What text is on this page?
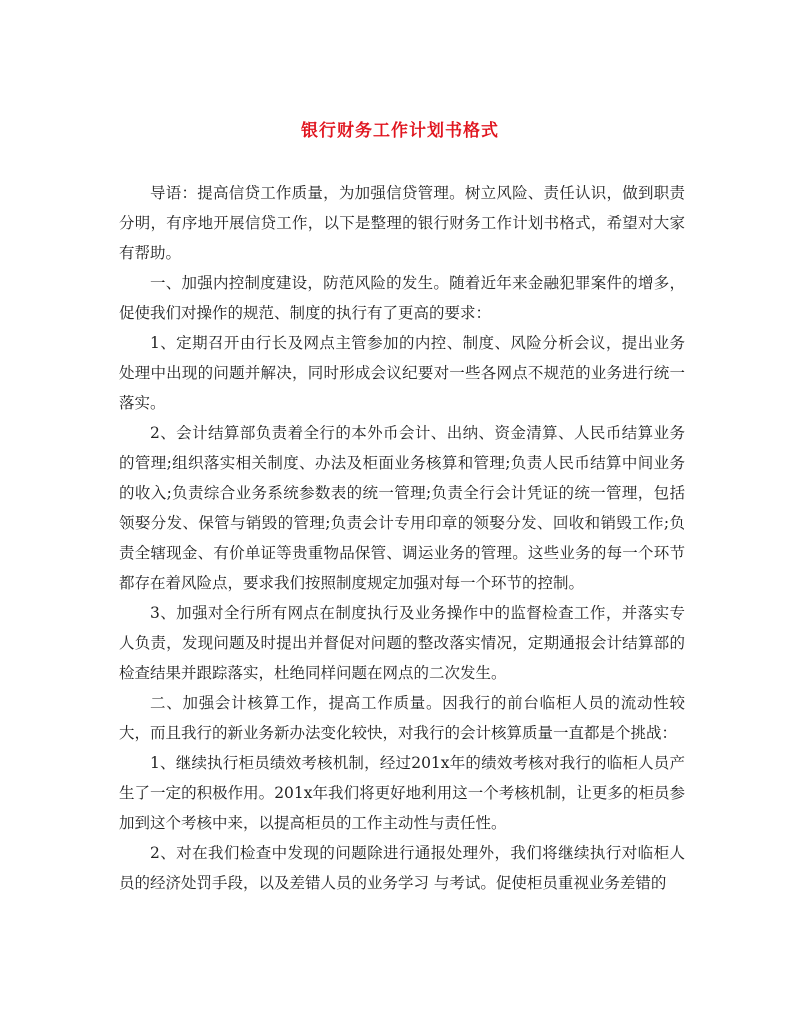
银行财务工作计划书格式

导语：提高信贷工作质量，为加强信贷管理。树立风险、责任认识，做到职责分明，有序地开展信贷工作，以下是整理的银行财务工作计划书格式，希望对大家有帮助。

一、加强内控制度建设，防范风险的发生。随着近年来金融犯罪案件的增多，促使我们对操作的规范、制度的执行有了更高的要求：

1、定期召开由行长及网点主管参加的内控、制度、风险分析会议，提出业务处理中出现的问题并解决，同时形成会议纪要对一些各网点不规范的业务进行统一落实。

2、会计结算部负责着全行的本外币会计、出纳、资金清算、人民币结算业务的管理;组织落实相关制度、办法及柜面业务核算和管理;负责人民币结算中间业务的收入;负责综合业务系统参数表的统一管理;负责全行会计凭证的统一管理，包括领娶分发、保管与销毁的管理;负责会计专用印章的领娶分发、回收和销毁工作;负责全辖现金、有价单证等贵重物品保管、调运业务的管理。这些业务的每一个环节都存在着风险点，要求我们按照制度规定加强对每一个环节的控制。

3、加强对全行所有网点在制度执行及业务操作中的监督检查工作，并落实专人负责，发现问题及时提出并督促对问题的整改落实情况，定期通报会计结算部的检查结果并跟踪落实，杜绝同样问题在网点的二次发生。

二、加强会计核算工作，提高工作质量。因我行的前台临柜人员的流动性较大，而且我行的新业务新办法变化较快，对我行的会计核算质量一直都是个挑战：

1、继续执行柜员绩效考核机制，经过201x年的绩效考核对我行的临柜人员产生了一定的积极作用。201x年我们将更好地利用这一个考核机制，让更多的柜员参加到这个考核中来，以提高柜员的工作主动性与责任性。

2、对在我们检查中发现的问题除进行通报处理外，我们将继续执行对临柜人员的经济处罚手段，以及差错人员的业务学习 与考试。促使柜员重视业务差错的
